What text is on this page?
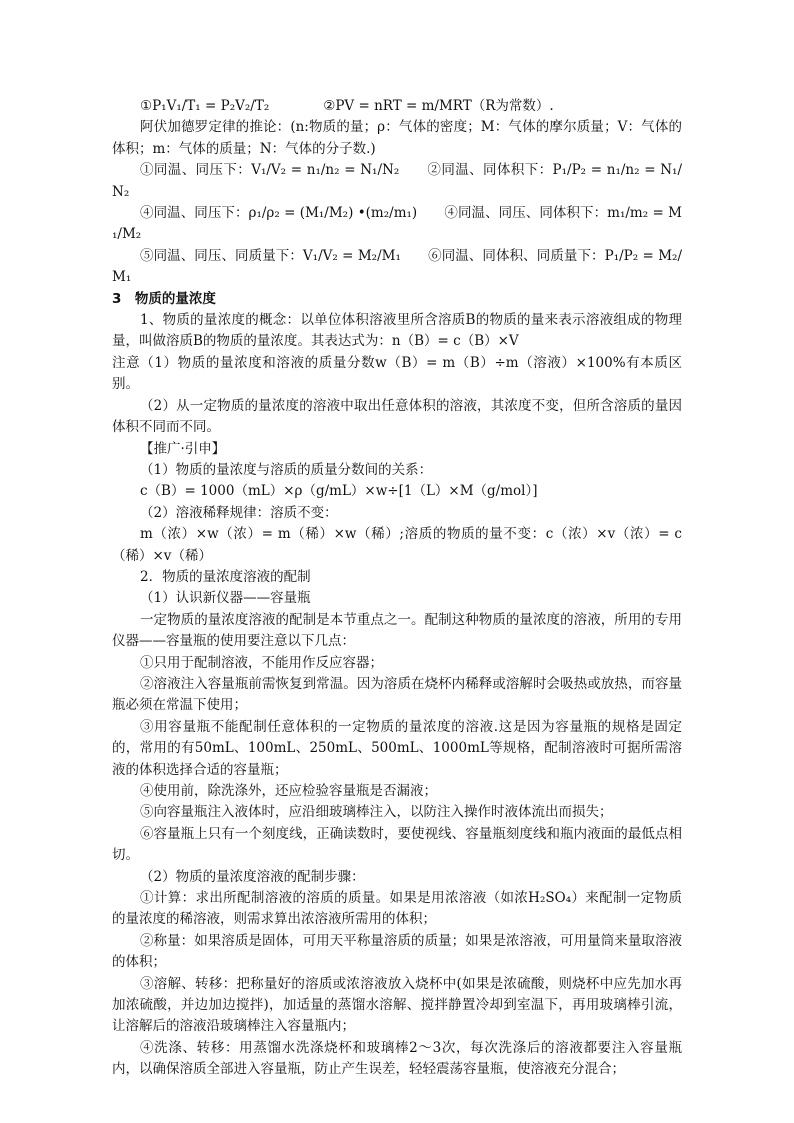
①P₁V₁/T₁ = P₂V₂/T₂　　　　②PV = nRT = m/MRT（R为常数）.

阿伏加德罗定律的推论：(n:物质的量；ρ：气体的密度；M：气体的摩尔质量；V：气体的体积；m：气体的质量；N：气体的分子数.)

①同温、同压下：V₁/V₂ = n₁/n₂ = N₁/N₂　　②同温、同体积下：P₁/P₂ = n₁/n₂ = N₁/N₂

④同温、同压下：ρ₁/ρ₂ = (M₁/M₂) •(m₂/m₁)　　④同温、同压、同体积下：m₁/m₂ = M₁/M₂

⑤同温、同压、同质量下：V₁/V₂ = M₂/M₁　　⑥同温、同体积、同质量下：P₁/P₂ = M₂/M₁

3　物质的量浓度

1、物质的量浓度的概念：以单位体积溶液里所含溶质B的物质的量来表示溶液组成的物理量，叫做溶质B的物质的量浓度。其表达式为：n（B）= c（B）×V

注意（1）物质的量浓度和溶液的质量分数w（B）= m（B）÷m（溶液）×100%有本质区别。

（2）从一定物质的量浓度的溶液中取出任意体积的溶液，其浓度不变，但所含溶质的量因体积不同而不同。

【推广·引申】

（1）物质的量浓度与溶质的质量分数间的关系：

c（B）= 1000（mL）×ρ（g/mL）×w÷[1（L）×M（g/mol）]

（2）溶液稀释规律：溶质不变：

m（浓）×w（浓）= m（稀）×w（稀）;溶质的物质的量不变：c（浓）×v（浓）= c（稀）×v（稀）

2．物质的量浓度溶液的配制

（1）认识新仪器——容量瓶

一定物质的量浓度溶液的配制是本节重点之一。配制这种物质的量浓度的溶液，所用的专用仪器——容量瓶的使用要注意以下几点：

①只用于配制溶液，不能用作反应容器；

②溶液注入容量瓶前需恢复到常温。因为溶质在烧杯内稀释或溶解时会吸热或放热，而容量瓶必须在常温下使用；

③用容量瓶不能配制任意体积的一定物质的量浓度的溶液.这是因为容量瓶的规格是固定的，常用的有50mL、100mL、250mL、500mL、1000mL等规格，配制溶液时可据所需溶液的体积选择合适的容量瓶；

④使用前，除洗涤外，还应检验容量瓶是否漏液；

⑤向容量瓶注入液体时，应沿细玻璃棒注入，以防注入操作时液体流出而损失；

⑥容量瓶上只有一个刻度线，正确读数时，要使视线、容量瓶刻度线和瓶内液面的最低点相切。

（2）物质的量浓度溶液的配制步骤：

①计算：求出所配制溶液的溶质的质量。如果是用浓溶液（如浓H₂SO₄）来配制一定物质的量浓度的稀溶液，则需求算出浓溶液所需用的体积；

②称量：如果溶质是固体，可用天平称量溶质的质量；如果是浓溶液，可用量筒来量取溶液的体积；

③溶解、转移：把称量好的溶质或浓溶液放入烧杯中(如果是浓硫酸，则烧杯中应先加水再加浓硫酸，并边加边搅拌)，加适量的蒸馏水溶解、搅拌静置冷却到室温下，再用玻璃棒引流，让溶解后的溶液沿玻璃棒注入容量瓶内；

④洗涤、转移：用蒸馏水洗涤烧杯和玻璃棒2～3次，每次洗涤后的溶液都要注入容量瓶内，以确保溶质全部进入容量瓶，防止产生误差，轻轻震荡容量瓶，使溶液充分混合；
